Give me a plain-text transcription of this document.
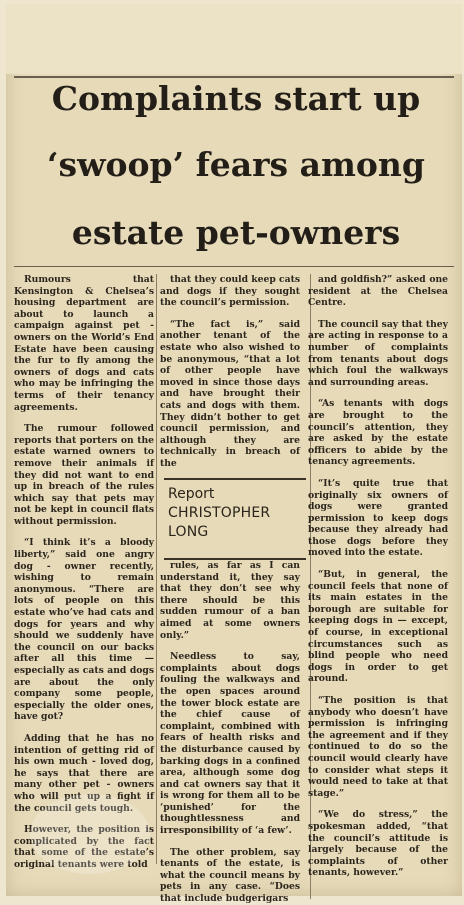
Complaints start up
‘swoop’ fears among
estate pet-owners

Rumours that Kensington & Chelsea’s housing department are about to launch a campaign against pet - owners on the World’s End Estate have been causing the fur to fly among the owners of dogs and cats who may be infringing the terms of their tenancy agreements.

The rumour followed reports that porters on the estate warned owners to remove their animals if they did not want to end up in breach of the rules which say that pets may not be kept in council flats without permission.

“I think it’s a bloody liberty,” said one angry dog - owner recently, wishing to remain anonymous. “There are lots of people on this estate who’ve had cats and dogs for years and why should we suddenly have the council on our backs after all this time — especially as cats and dogs are about the only company some people, especially the older ones, have got?

Adding that he has no intention of getting rid of his own much - loved dog, he says that there are many other pet - owners who will put up a fight if the council gets tough.

However, the position is complicated by the fact that some of the estate’s original tenants were told

that they could keep cats and dogs if they sought the council’s permission.

“The fact is,” said another tenant of the estate who also wished to be anonymous, “that a lot of other people have moved in since those days and have brought their cats and dogs with them. They didn’t bother to get council permission, and although they are technically in breach of the

Report
CHRISTOPHER LONG

rules, as far as I can understand it, they say that they don’t see why there should be this sudden rumour of a ban aimed at some owners only.”

Needless to say, complaints about dogs fouling the walkways and the open spaces around the tower block estate are the chief cause of complaint, combined with fears of health risks and the disturbance caused by barking dogs in a confined area, although some dog and cat owners say that it is wrong for them all to be ‘punished’ for the thoughtlessness and irresponsibility of ‘a few’.

The other problem, say tenants of the estate, is what the council means by pets in any case. “Does that include budgerigars

and goldfish?” asked one resident at the Chelsea Centre.

The council say that they are acting in response to a number of complaints from tenants about dogs which foul the walkways and surrounding areas.

“As tenants with dogs are brought to the council’s attention, they are asked by the estate officers to abide by the tenancy agreements.

“It’s quite true that originally six owners of dogs were granted permission to keep dogs because they already had those dogs before they moved into the estate.

“But, in general, the council feels that none of its main estates in the borough are suitable for keeping dogs in — except, of course, in exceptional circumstances such as blind people who need dogs in order to get around.

“The position is that anybody who doesn’t have permission is infringing the agreement and if they continued to do so the council would clearly have to consider what steps it would need to take at that stage.”

“We do stress,” the spokesman added, “that the council’s attitude is largely because of the complaints of other tenants, however.”
